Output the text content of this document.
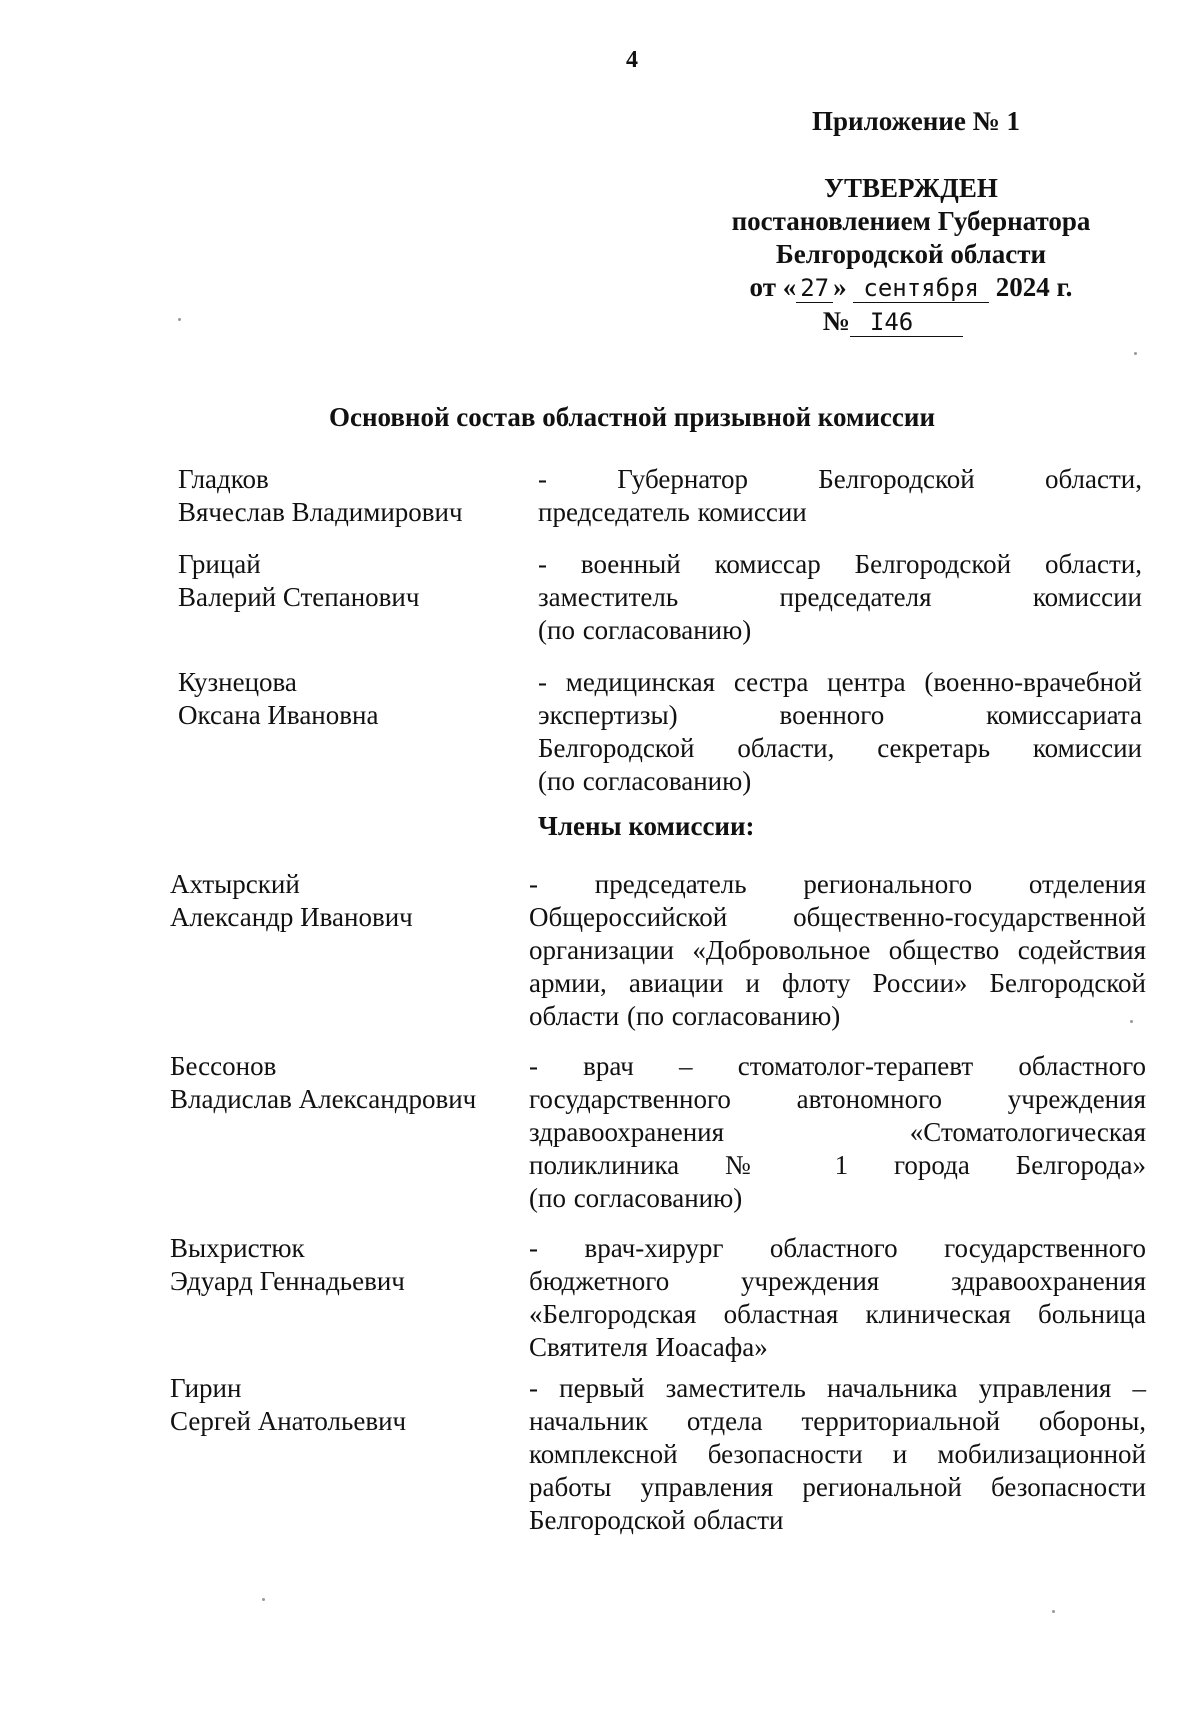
4
Приложение № 1
УТВЕРЖДЕН
постановлением Губернатора
Белгородской области
от « 27 » сентября 2024 г.
№ I46
Основной состав областной призывной комиссии
Гладков
Вячеслав Владимирович
- Губернатор Белгородской области,
председатель комиссии
Грицай
Валерий Степанович
- военный комиссар Белгородской области,
заместитель председателя комиссии
(по согласованию)
Кузнецова
Оксана Ивановна
- медицинская сестра центра (военно-врачебной
экспертизы) военного комиссариата
Белгородской области, секретарь комиссии
(по согласованию)
Члены комиссии:
Ахтырский
Александр Иванович
- председатель регионального отделения
Общероссийской общественно-государственной
организации «Добровольное общество содействия
армии, авиации и флоту России» Белгородской
области (по согласованию)
Бессонов
Владислав Александрович
- врач – стоматолог-терапевт областного
государственного автономного учреждения
здравоохранения «Стоматологическая
поликлиника № 1 города Белгорода»
(по согласованию)
Выхристюк
Эдуард Геннадьевич
- врач-хирург областного государственного
бюджетного учреждения здравоохранения
«Белгородская областная клиническая больница
Святителя Иоасафа»
Гирин
Сергей Анатольевич
- первый заместитель начальника управления –
начальник отдела территориальной обороны,
комплексной безопасности и мобилизационной
работы управления региональной безопасности
Белгородской области
